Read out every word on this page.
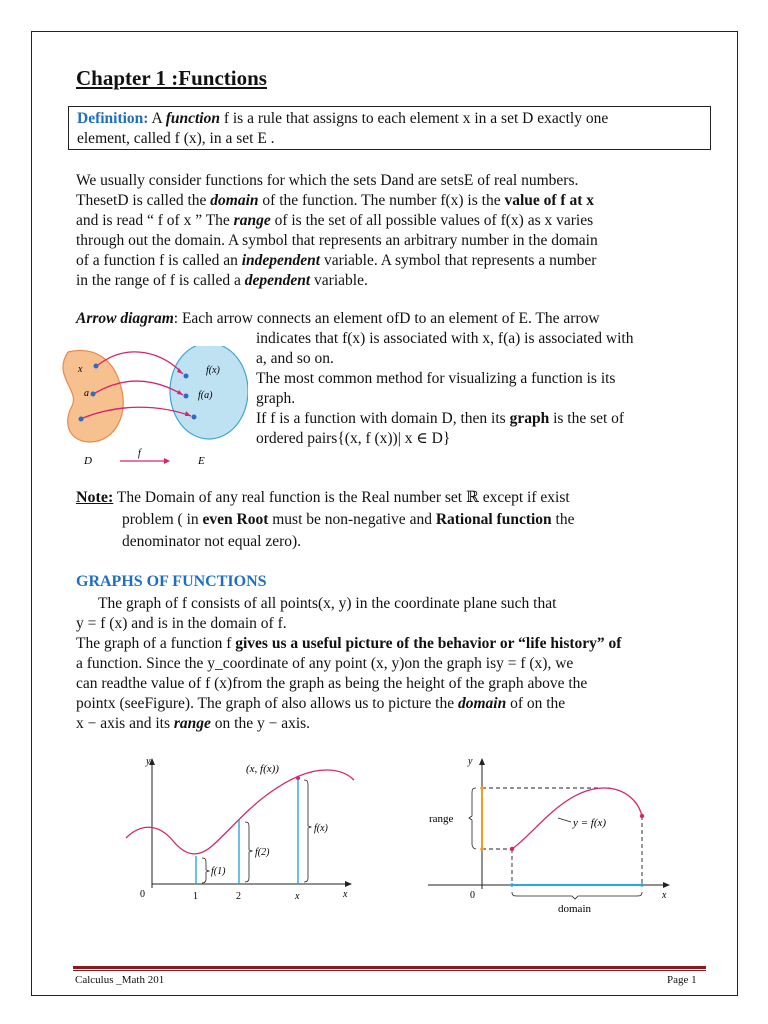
Chapter 1 :Functions
Definition: A function f is a rule that assigns to each element x in a set D exactly one
element, called f (x), in a set E .
We usually consider functions for which the sets Dand are setsE of real numbers.
ThesetD is called the domain of the function. The number f(x) is the value of f at x
and is read “ f of x ” The range of is the set of all possible values of f(x) as x varies
through out the domain. A symbol that represents an arbitrary number in the domain
of a function f is called an independent variable. A symbol that represents a number
in the range of f is called a dependent variable.
Arrow diagram: Each arrow connects an element ofD to an element of E. The arrow
indicates that f(x) is associated with x, f(a) is associated with
a, and so on.
The most common method for visualizing a function is its
graph.
If f is a function with domain D, then its graph is the set of
ordered pairs{(x, f (x))| x ∈ D}
x
a
f(x)
f(a)
D
f
E
Note: The Domain of any real function is the Real number set ℝ except if exist
problem ( in even Root must be non-negative and Rational function the
denominator not equal zero).
GRAPHS OF FUNCTIONS
The graph of f consists of all points(x, y) in the coordinate plane such that
y = f (x) and is in the domain of f.
The graph of a function f gives us a useful picture of the behavior or “life history” of
a function. Since the y_coordinate of any point (x, y)on the graph isy = f (x), we
can readthe value of f (x)from the graph as being the height of the graph above the
pointx (seeFigure). The graph of also allows us to picture the domain of on the
x − axis and its range on the y − axis.
y
(x, f(x))
f(x)
f(2)
f(1)
0	1	2	x	x
y
range	y = f(x)
0	x
domain
Calculus _Math 201	Page 1
